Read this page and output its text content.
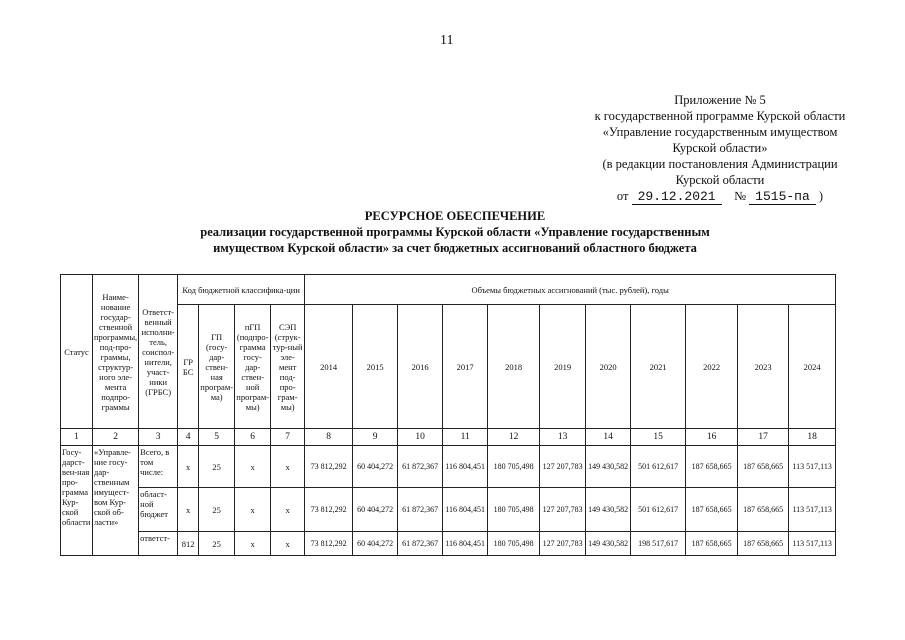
11
Приложение № 5
к государственной программе Курской области
«Управление государственным имуществом
Курской области»
(в редакции постановления Администрации
Курской области
от 29.12.2021 № 1515-па )
РЕСУРСНОЕ ОБЕСПЕЧЕНИЕ
реализации государственной программы Курской области «Управление государственным
имуществом Курской области» за счет бюджетных ассигнований областного бюджета
Статус	Наиме-нование государ-ственной программы, под-про-граммы, структур-ного эле-мента подпро-граммы	Ответст-венный исполни-тель, соиспол-нители, участ-ники (ГРБС)	Код бюджетной классифика-ции				Объемы бюджетных ассигнований (тыс. рублей), годы										
			ГР БС	ГП (госу-дар-ствен-ная програм-ма)	пГП (подпро-грамма госу-дар-ствен-ной програм-мы)	СЭП (струк-тур-ный эле-мент под-про-грам-мы)	2014	2015	2016	2017	2018	2019	2020	2021	2022	2023	2024
1	2	3	4	5	6	7	8	9	10	11	12	13	14	15	16	17	18
Госу-дарст-вен-ная про-грамма Кур-ской области	«Управле-ние госу-дар-ственным имущест-вом Кур-ской об-ласти»	Всего, в том числе:	x	25	x	x	73 812,292	60 404,272	61 872,367	116 804,451	180 705,498	127 207,783	149 430,582	501 612,617	187 658,665	187 658,665	113 517,113
		област-ной бюджет	x	25	x	x	73 812,292	60 404,272	61 872,367	116 804,451	180 705,498	127 207,783	149 430,582	501 612,617	187 658,665	187 658,665	113 517,113
		ответст-	812	25	x	x	73 812,292	60 404,272	61 872,367	116 804,451	180 705,498	127 207,783	149 430,582	198 517,617	187 658,665	187 658,665	113 517,113
